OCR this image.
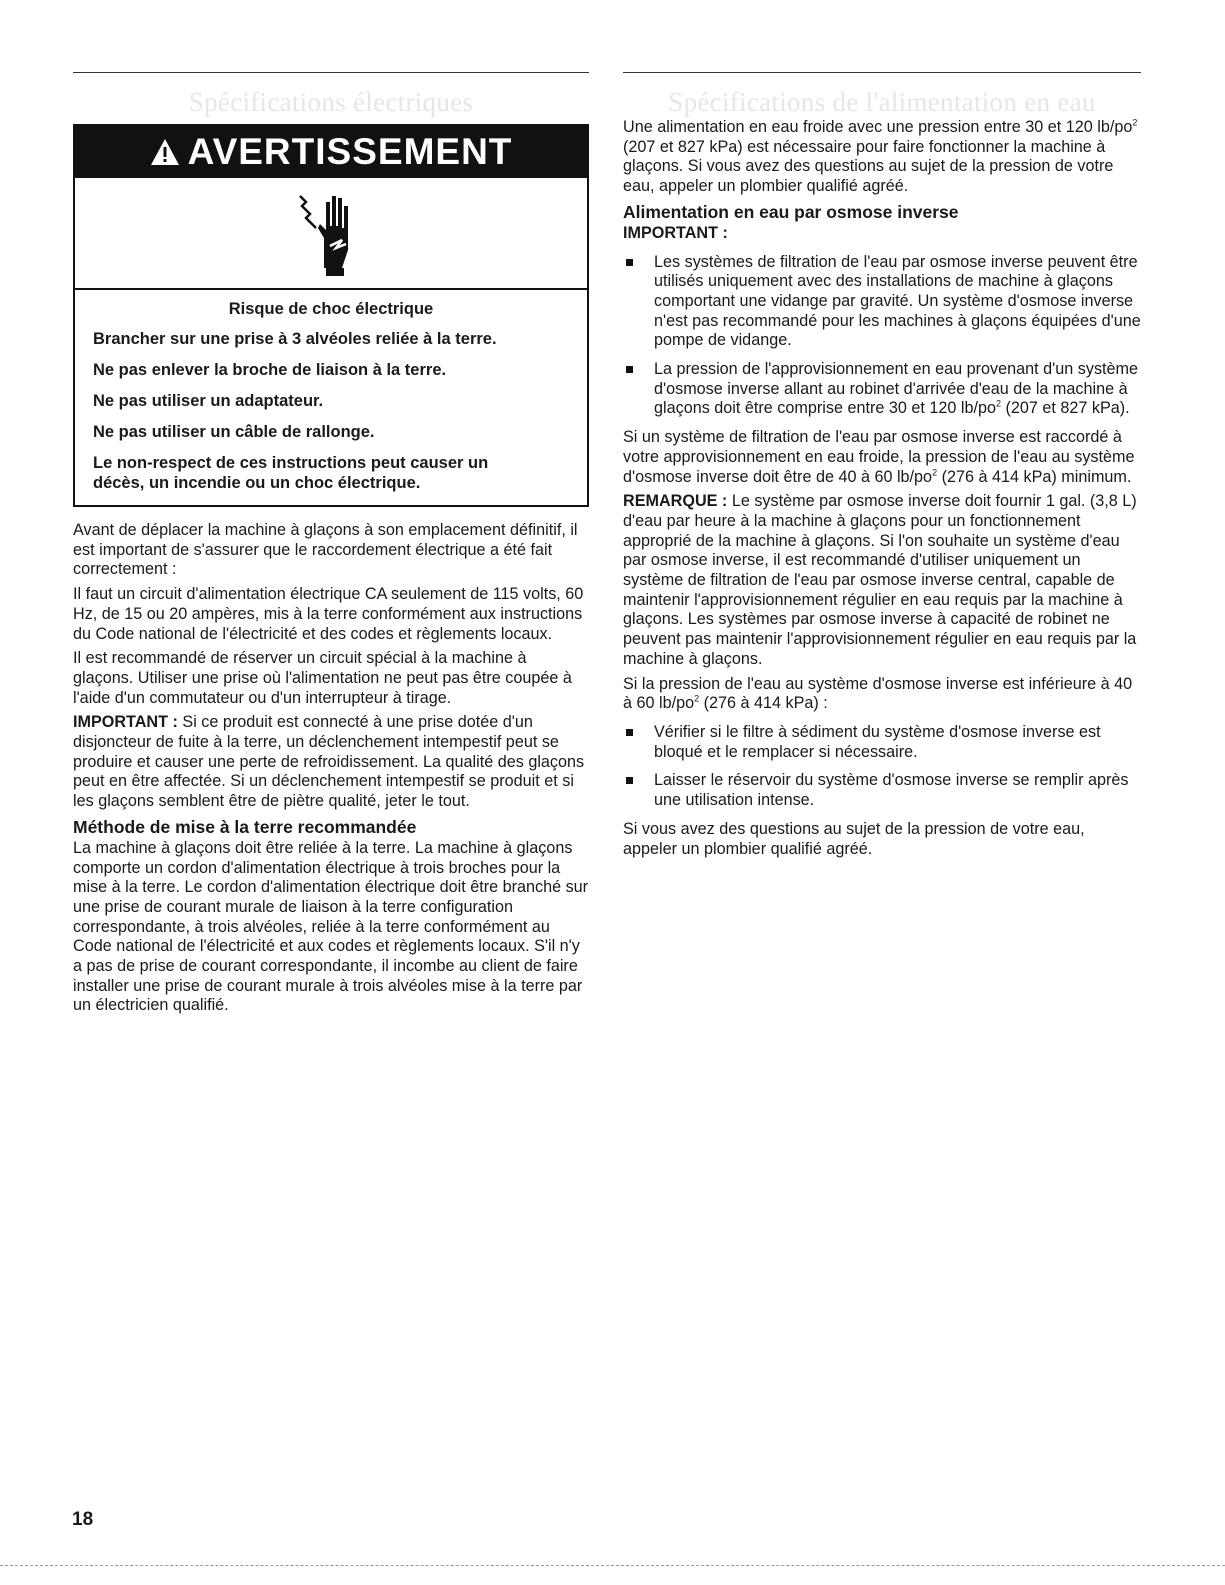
Spécifications électriques
AVERTISSEMENT
Risque de choc électrique
Brancher sur une prise à 3 alvéoles reliée à la terre.
Ne pas enlever la broche de liaison à la terre.
Ne pas utiliser un adaptateur.
Ne pas utiliser un câble de rallonge.
Le non-respect de ces instructions peut causer un décès, un incendie ou un choc électrique.

Avant de déplacer la machine à glaçons à son emplacement définitif, il est important de s'assurer que le raccordement électrique a été fait correctement :

Il faut un circuit d'alimentation électrique CA seulement de 115 volts, 60 Hz, de 15 ou 20 ampères, mis à la terre conformément aux instructions du Code national de l'électricité et des codes et règlements locaux.

Il est recommandé de réserver un circuit spécial à la machine à glaçons. Utiliser une prise où l'alimentation ne peut pas être coupée à l'aide d'un commutateur ou d'un interrupteur à tirage.

IMPORTANT : Si ce produit est connecté à une prise dotée d'un disjoncteur de fuite à la terre, un déclenchement intempestif peut se produire et causer une perte de refroidissement. La qualité des glaçons peut en être affectée. Si un déclenchement intempestif se produit et si les glaçons semblent être de piètre qualité, jeter le tout.

Méthode de mise à la terre recommandée

La machine à glaçons doit être reliée à la terre. La machine à glaçons comporte un cordon d'alimentation électrique à trois broches pour la mise à la terre. Le cordon d'alimentation électrique doit être branché sur une prise de courant murale de liaison à la terre configuration correspondante, à trois alvéoles, reliée à la terre conformément au Code national de l'électricité et aux codes et règlements locaux. S'il n'y a pas de prise de courant correspondante, il incombe au client de faire installer une prise de courant murale à trois alvéoles mise à la terre par un électricien qualifié.

Spécifications de l'alimentation en eau

Une alimentation en eau froide avec une pression entre 30 et 120 $lb/po^2$ (207 et 827 kPa) est nécessaire pour faire fonctionner la machine à glaçons. Si vous avez des questions au sujet de la pression de votre eau, appeler un plombier qualifié agréé.

Alimentation en eau par osmose inverse

IMPORTANT :

Les systèmes de filtration de l'eau par osmose inverse peuvent être utilisés uniquement avec des installations de machine à glaçons comportant une vidange par gravité. Un système d'osmose inverse n'est pas recommandé pour les machines à glaçons équipées d'une pompe de vidange.
La pression de l'approvisionnement en eau provenant d'un système d'osmose inverse allant au robinet d'arrivée d'eau de la machine à glaçons doit être comprise entre 30 et 120 $lb/po^2$ (207 et 827 kPa).

Si un système de filtration de l'eau par osmose inverse est raccordé à votre approvisionnement en eau froide, la pression de l'eau au système d'osmose inverse doit être de 40 à 60 $lb/po^2$ (276 à 414 kPa) minimum.

REMARQUE : Le système par osmose inverse doit fournir 1 gal. (3,8 L) d'eau par heure à la machine à glaçons pour un fonctionnement approprié de la machine à glaçons. Si l'on souhaite un système d'eau par osmose inverse, il est recommandé d'utiliser uniquement un système de filtration de l'eau par osmose inverse central, capable de maintenir l'approvisionnement régulier en eau requis par la machine à glaçons. Les systèmes par osmose inverse à capacité de robinet ne peuvent pas maintenir l'approvisionnement régulier en eau requis par la machine à glaçons.

Si la pression de l'eau au système d'osmose inverse est inférieure à 40 à 60 $lb/po^2$ (276 à 414 kPa) :

Vérifier si le filtre à sédiment du système d'osmose inverse est bloqué et le remplacer si nécessaire.
Laisser le réservoir du système d'osmose inverse se remplir après une utilisation intense.

Si vous avez des questions au sujet de la pression de votre eau, appeler un plombier qualifié agréé.

18
